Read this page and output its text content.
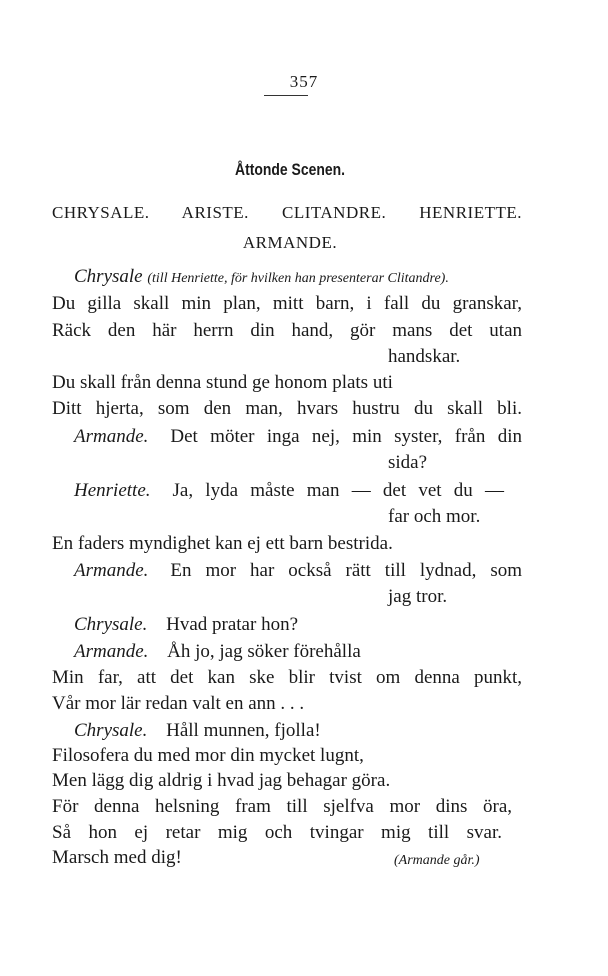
357
Åttonde Scenen.
CHRYSALE. ARISTE. CLITANDRE. HENRIETTE.
ARMANDE.
Chrysale (till Henriette, för hvilken han presenterar Clitandre).
Du gilla skall min plan, mitt barn, i fall du granskar,
Räck den här herrn din hand, gör mans det utan
handskar.
Du skall från denna stund ge honom plats uti
Ditt hjerta, som den man, hvars hustru du skall bli.
Armande. Det möter inga nej, min syster, från din
sida?
Henriette. Ja, lyda måste man — det vet du —
far och mor.
En faders myndighet kan ej ett barn bestrida.
Armande. En mor har också rätt till lydnad, som
jag tror.
Chrysale. Hvad pratar hon?
Armande. Åh jo, jag söker förehålla
Min far, att det kan ske blir tvist om denna punkt,
Vår mor lär redan valt en ann . . .
Chrysale. Håll munnen, fjolla!
Filosofera du med mor din mycket lugnt,
Men lägg dig aldrig i hvad jag behagar göra.
För denna helsning fram till sjelfva mor dins öra,
Så hon ej retar mig och tvingar mig till svar.
Marsch med dig!	(Armande går.)
